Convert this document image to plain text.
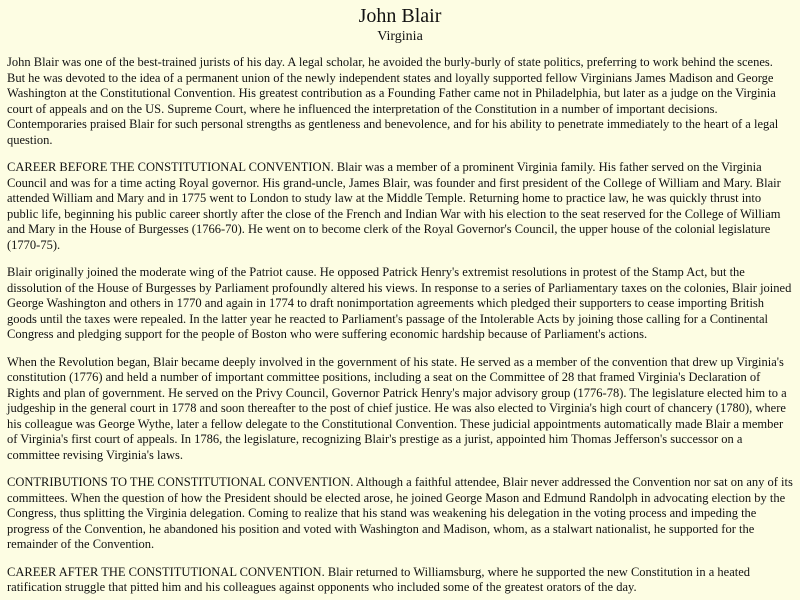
John Blair
Virginia

John Blair was one of the best-trained jurists of his day. A legal scholar, he avoided the burly-burly of state politics, preferring to work behind the scenes. But he was devoted to the idea of a permanent union of the newly independent states and loyally supported fellow Virginians James Madison and George Washington at the Constitutional Convention. His greatest contribution as a Founding Father came not in Philadelphia, but later as a judge on the Virginia court of appeals and on the US. Supreme Court, where he influenced the interpretation of the Constitution in a number of important decisions. Contemporaries praised Blair for such personal strengths as gentleness and benevolence, and for his ability to penetrate immediately to the heart of a legal question.

CAREER BEFORE THE CONSTITUTIONAL CONVENTION. Blair was a member of a prominent Virginia family. His father served on the Virginia Council and was for a time acting Royal governor. His grand-uncle, James Blair, was founder and first president of the College of William and Mary. Blair attended William and Mary and in 1775 went to London to study law at the Middle Temple. Returning home to practice law, he was quickly thrust into public life, beginning his public career shortly after the close of the French and Indian War with his election to the seat reserved for the College of William and Mary in the House of Burgesses (1766-70). He went on to become clerk of the Royal Governor's Council, the upper house of the colonial legislature (1770-75).

Blair originally joined the moderate wing of the Patriot cause. He opposed Patrick Henry's extremist resolutions in protest of the Stamp Act, but the dissolution of the House of Burgesses by Parliament profoundly altered his views. In response to a series of Parliamentary taxes on the colonies, Blair joined George Washington and others in 1770 and again in 1774 to draft nonimportation agreements which pledged their supporters to cease importing British goods until the taxes were repealed. In the latter year he reacted to Parliament's passage of the Intolerable Acts by joining those calling for a Continental Congress and pledging support for the people of Boston who were suffering economic hardship because of Parliament's actions.

When the Revolution began, Blair became deeply involved in the government of his state. He served as a member of the convention that drew up Virginia's constitution (1776) and held a number of important committee positions, including a seat on the Committee of 28 that framed Virginia's Declaration of Rights and plan of government. He served on the Privy Council, Governor Patrick Henry's major advisory group (1776-78). The legislature elected him to a judgeship in the general court in 1778 and soon thereafter to the post of chief justice. He was also elected to Virginia's high court of chancery (1780), where his colleague was George Wythe, later a fellow delegate to the Constitutional Convention. These judicial appointments automatically made Blair a member of Virginia's first court of appeals. In 1786, the legislature, recognizing Blair's prestige as a jurist, appointed him Thomas Jefferson's successor on a committee revising Virginia's laws.

CONTRIBUTIONS TO THE CONSTITUTIONAL CONVENTION. Although a faithful attendee, Blair never addressed the Convention nor sat on any of its committees. When the question of how the President should be elected arose, he joined George Mason and Edmund Randolph in advocating election by the Congress, thus splitting the Virginia delegation. Coming to realize that his stand was weakening his delegation in the voting process and impeding the progress of the Convention, he abandoned his position and voted with Washington and Madison, whom, as a stalwart nationalist, he supported for the remainder of the Convention.

CAREER AFTER THE CONSTITUTIONAL CONVENTION. Blair returned to Williamsburg, where he supported the new Constitution in a heated ratification struggle that pitted him and his colleagues against opponents who included some of the greatest orators of the day.
